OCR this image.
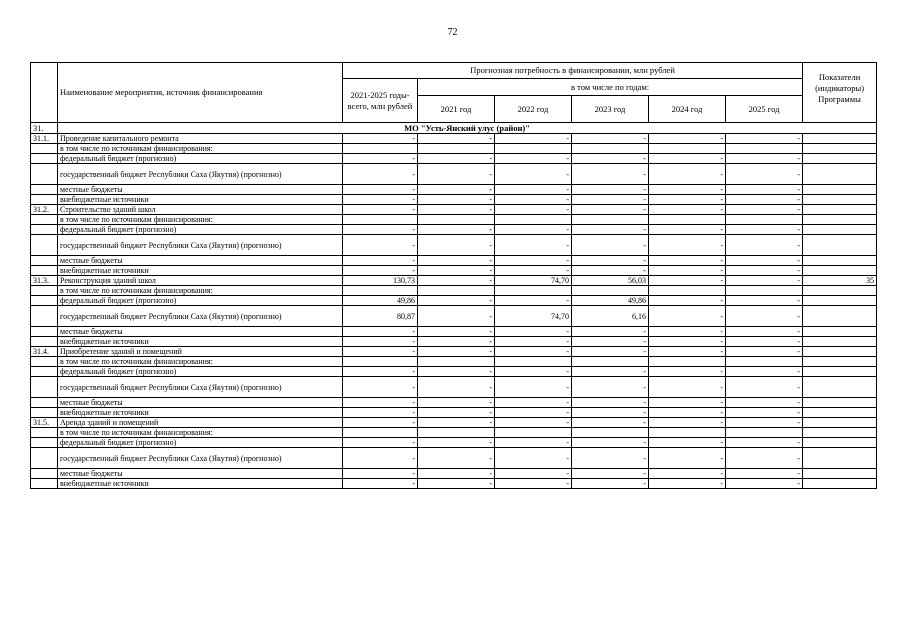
72
	Наименование мероприятия, источник финансирования	Прогнозная потребность в финансировании, млн рублей						Показатели (индикаторы) Программы
		2021-2025 годы- всего, млн рублей	в том числе по годам:					
			2021 год	2022 год	2023 год	2024 год	2025 год	
31.	МО "Усть-Янский улус (район)"							
31.1.	Проведение капитального ремонта	-	-	-	-	-	-	
	в том числе по источникам финансирования:							
	федеральный бюджет (прогнозно)	-	-	-	-	-	-	
	государственный бюджет Республики Саха (Якутия) (прогнозно)	-	-	-	-	-	-	
	местные бюджеты	-	-	-	-	-	-	
	внебюджетные источники	-	-	-	-	-	-	
31.2.	Строительство зданий школ	-	-	-	-	-	-	
	в том числе по источникам финансирования:							
	федеральный бюджет (прогнозно)	-	-	-	-	-	-	
	государственный бюджет Республики Саха (Якутия) (прогнозно)	-	-	-	-	-	-	
	местные бюджеты	-	-	-	-	-	-	
	внебюджетные источники	-	-	-	-	-	-	
31.3.	Реконструкция зданий школ	130,73	-	74,70	56,03	-	-	35
	в том числе по источникам финансирования:							
	федеральный бюджет (прогнозно)	49,86	-	-	49,86	-	-	
	государственный бюджет Республики Саха (Якутия) (прогнозно)	80,87	-	74,70	6,16	-	-	
	местные бюджеты	-	-	-	-	-	-	
	внебюджетные источники	-	-	-	-	-	-	
31.4.	Приобретение зданий и помещений	-	-	-	-	-	-	
	в том числе по источникам финансирования:							
	федеральный бюджет (прогнозно)	-	-	-	-	-	-	
	государственный бюджет Республики Саха (Якутия) (прогнозно)	-	-	-	-	-	-	
	местные бюджеты	-	-	-	-	-	-	
	внебюджетные источники	-	-	-	-	-	-	
31.5.	Аренда зданий и помещений	-	-	-	-	-	-	
	в том числе по источникам финансирования:							
	федеральный бюджет (прогнозно)	-	-	-	-	-	-	
	государственный бюджет Республики Саха (Якутия) (прогнозно)	-	-	-	-	-	-	
	местные бюджеты	-	-	-	-	-	-	
	внебюджетные источники	-	-	-	-	-	-	
